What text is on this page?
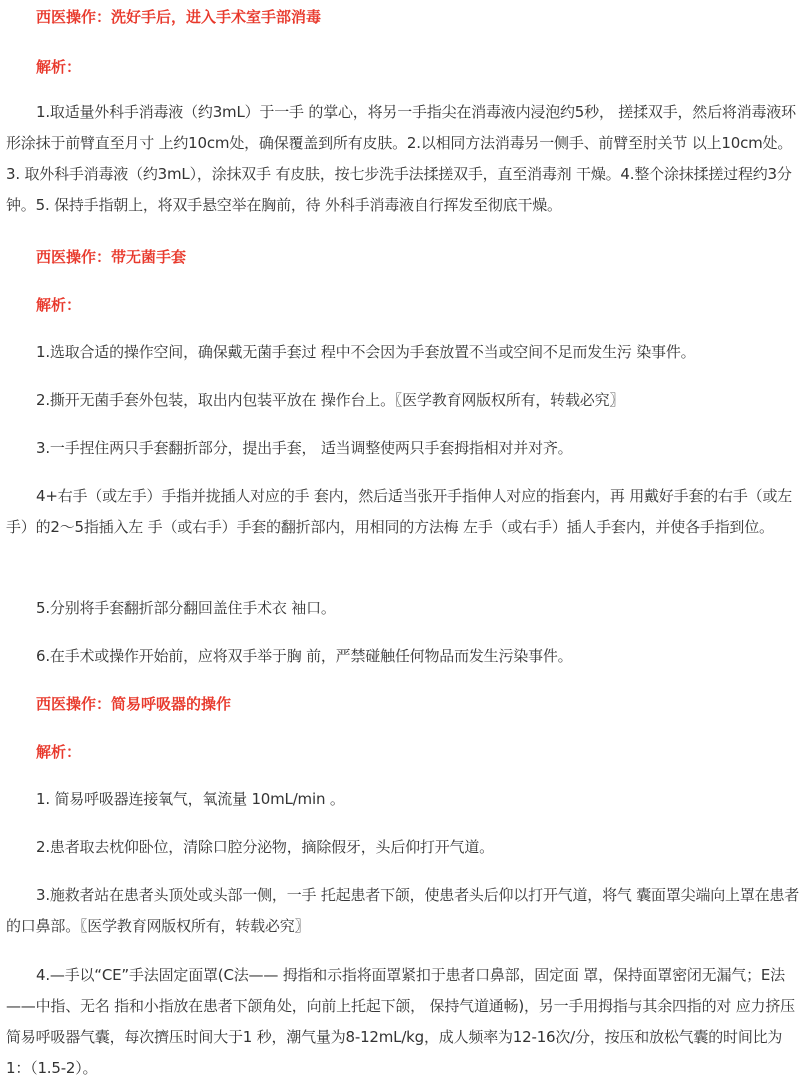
西医操作：洗好手后，进入手术室手部消毒

解析：

1.取适量外科手消毒液（约3mL）于一手 的掌心，将另一手指尖在消毒液内浸泡约5秒， 搓揉双手，然后将消毒液环形涂抹于前臂直至月寸 上约10cm处，确保覆盖到所有皮肤。2.以相同方法消毒另一侧手、前臂至肘关节 以上10cm处。3. 取外科手消毒液（约3mL），涂抹双手 有皮肤，按七步洗手法揉搓双手，直至消毒剂 干燥。4.整个涂抹揉搓过程约3分钟。5. 保持手指朝上，将双手悬空举在胸前，待 外科手消毒液自行挥发至彻底干燥。

西医操作：带无菌手套

解析：

1.选取合适的操作空间，确保戴无菌手套过 程中不会因为手套放置不当或空间不足而发生污 染事件。

2.撕开无菌手套外包装，取出内包装平放在 操作台上。〖医学教育网版权所有，转载必究〗

3.一手捏住两只手套翻折部分，提出手套， 适当调整使两只手套拇指相对并对齐。

4+右手（或左手）手指并拢插人对应的手 套内，然后适当张开手指伸人对应的指套内，再 用戴好手套的右手（或左手）的2～5指插入左 手（或右手）手套的翻折部内，用相同的方法梅 左手（或右手）插人手套内，并使各手指到位。

5.分别将手套翻折部分翻回盖住手术衣 袖口。

6.在手术或操作开始前，应将双手举于胸 前，严禁碰触任何物品而发生污染事件。

西医操作：简易呼吸器的操作

解析：

1. 简易呼吸器连接氧气，氧流量 10mL/min 。

2.患者取去枕仰卧位，清除口腔分泌物，摘除假牙，头后仰打开气道。

3.施救者站在患者头顶处或头部一侧，一手 托起患者下颌，使患者头后仰以打开气道，将气 囊面罩尖端向上罩在患者的口鼻部。〖医学教育网版权所有，转载必究〗

4.—手以“CE”手法固定面罩(C法—— 拇指和示指将面罩紧扣于患者口鼻部，固定面 罩，保持面罩密闭无漏气；E法——中指、无名 指和小指放在患者下颌角处，向前上托起下颌， 保持气道通畅)，另一手用拇指与其余四指的对 应力挤压简易呼吸器气囊，每次擠压时间大于1 秒，潮气量为8-12mL/kg，成人频率为12-16次/分，按压和放松气囊的时间比为1：（1.5-2）。
